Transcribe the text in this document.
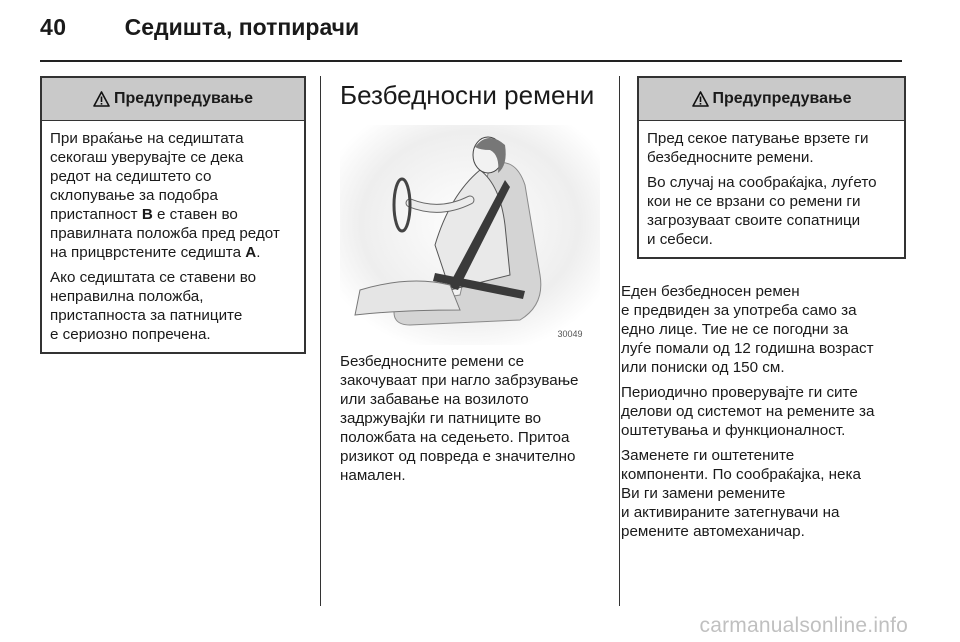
40	Седишта, потпирачи
Предупредување

При враќање на седиштата
секогаш уверувајте се дека
редот на седиштето со
склопување за подобра
пристапност B е ставен во
правилната положба пред редот
на прицврстените седишта A.

Ако седиштата се ставени во
неправилна положба,
пристапноста за патниците
е сериозно попречена.

Безбедносни ремени
30049

Безбедносните ремени се
закочуваат при нагло забрзување
или забавање на возилото
задржувајќи ги патниците во
положбата на седењето. Притоа
ризикот од повреда е значително
намален.

Предупредување

Пред секое патување врзете ги
безбедносните ремени.

Во случај на сообраќајка, луѓето
кои не се врзани со ремени ги
загрозуваат своите сопатници
и себеси.

Еден безбедносен ремен
е предвиден за употреба само за
едно лице. Тие не се погодни за
луѓе помали од 12 годишна возраст
или пониски од 150 см.

Периодично проверувајте ги сите
делови од системот на ремените за
оштетувања и функционалност.

Заменете ги оштетените
компоненти. По сообраќајка, нека
Ви ги замени ремените
и активираните затегнувачи на
ремените автомеханичар.

carmanualsonline.info
